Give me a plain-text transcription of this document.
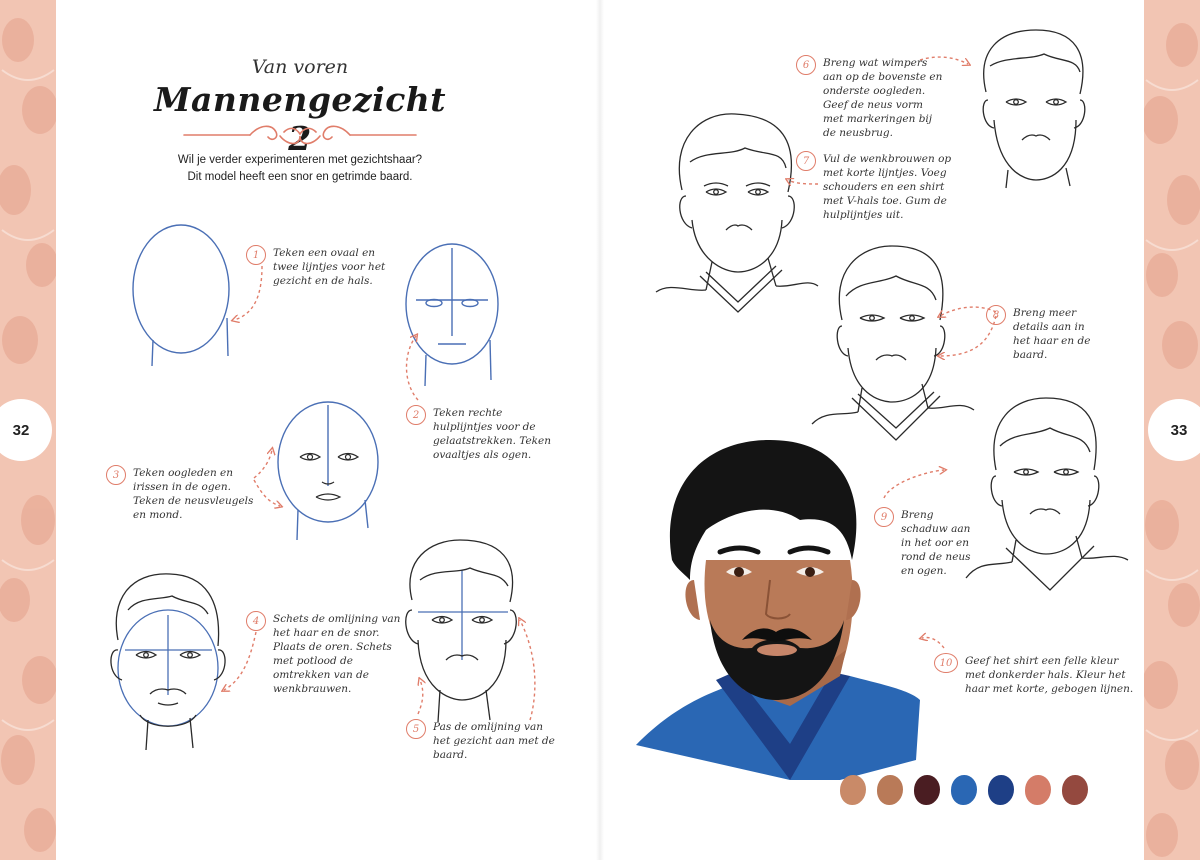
32	33
Van voren
Mannengezicht 2
Wil je verder experimenteren met gezichtshaar?
Dit model heeft een snor en getrimde baard.
1	Teken een ovaal en twee lijntjes voor het gezicht en de hals.
2	Teken rechte hulplijntjes voor de gelaatstrekken. Teken ovaaltjes als ogen.
3	Teken oogleden en irissen in de ogen. Teken de neusvleugels en mond.
4	Schets de omlijning van het haar en de snor. Plaats de oren. Schets met potlood de omtrekken van de wenkbrauwen.
5	Pas de omlijning van het gezicht aan met de baard.
6	Breng wat wimpers aan op de bovenste en onderste oogleden. Geef de neus vorm met markeringen bij de neusbrug.
7	Vul de wenkbrouwen op met korte lijntjes. Voeg schouders en een shirt met V-hals toe. Gum de hulplijntjes uit.
8	Breng meer details aan in het haar en de baard.
9	Breng schaduw aan in het oor en rond de neus en ogen.
10	Geef het shirt een felle kleur met donkerder hals. Kleur het haar met korte, gebogen lijnen.
